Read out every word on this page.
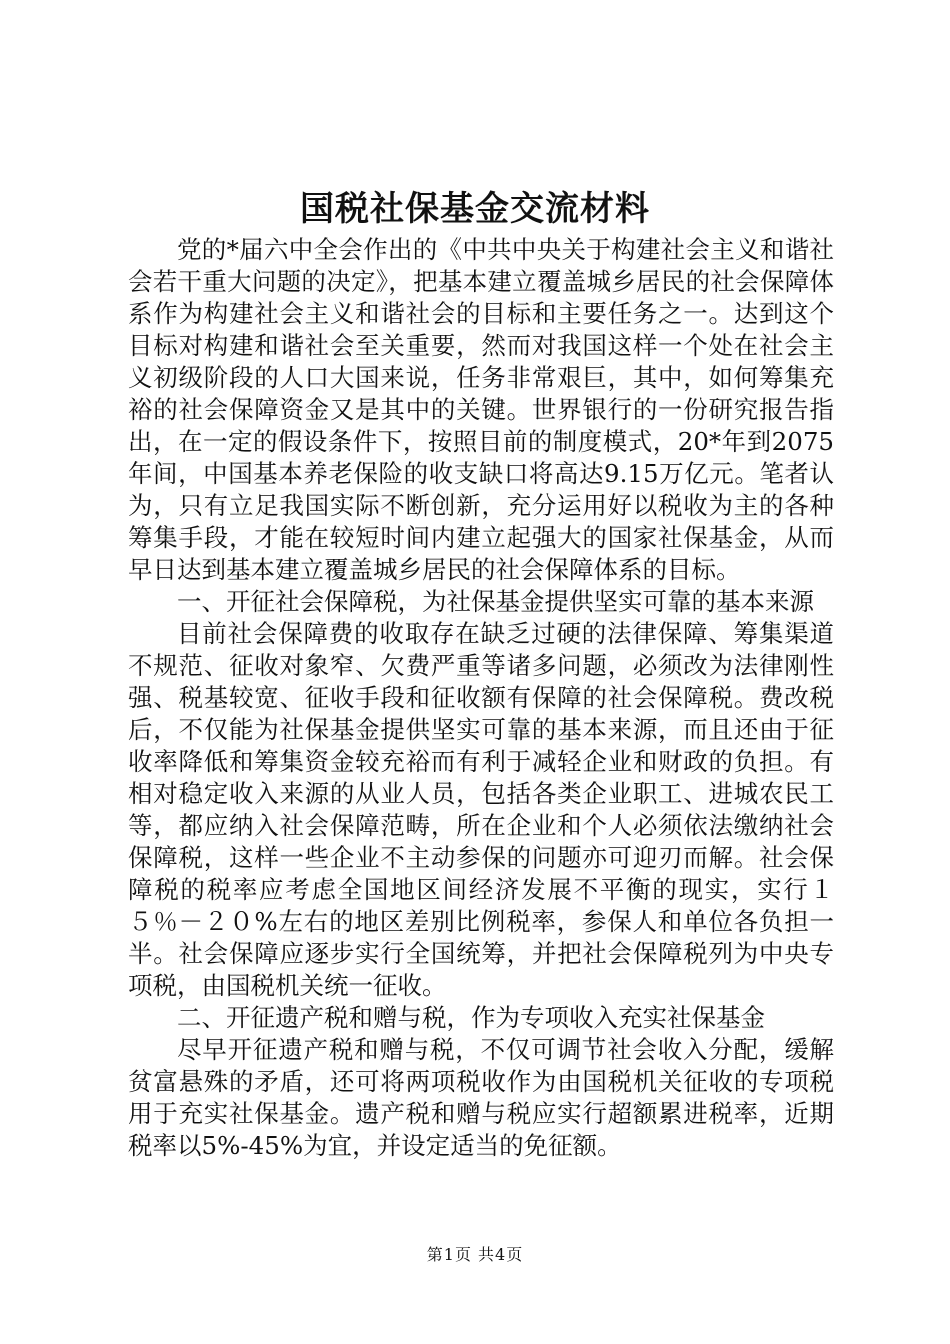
国税社保基金交流材料

党的*届六中全会作出的《中共中央关于构建社会主义和谐社会若干重大问题的决定》，把基本建立覆盖城乡居民的社会保障体系作为构建社会主义和谐社会的目标和主要任务之一。达到这个目标对构建和谐社会至关重要，然而对我国这样一个处在社会主义初级阶段的人口大国来说，任务非常艰巨，其中，如何筹集充裕的社会保障资金又是其中的关键。世界银行的一份研究报告指出，在一定的假设条件下，按照目前的制度模式，20*年到2075年间，中国基本养老保险的收支缺口将高达9.15万亿元。笔者认为，只有立足我国实际不断创新，充分运用好以税收为主的各种筹集手段，才能在较短时间内建立起强大的国家社保基金，从而早日达到基本建立覆盖城乡居民的社会保障体系的目标。

一、开征社会保障税，为社保基金提供坚实可靠的基本来源

目前社会保障费的收取存在缺乏过硬的法律保障、筹集渠道不规范、征收对象窄、欠费严重等诸多问题，必须改为法律刚性强、税基较宽、征收手段和征收额有保障的社会保障税。费改税后，不仅能为社保基金提供坚实可靠的基本来源，而且还由于征收率降低和筹集资金较充裕而有利于减轻企业和财政的负担。有相对稳定收入来源的从业人员，包括各类企业职工、进城农民工等，都应纳入社会保障范畴，所在企业和个人必须依法缴纳社会保障税，这样一些企业不主动参保的问题亦可迎刃而解。社会保障税的税率应考虑全国地区间经济发展不平衡的现实，实行１５％－２０%左右的地区差别比例税率，参保人和单位各负担一半。社会保障应逐步实行全国统筹，并把社会保障税列为中央专项税，由国税机关统一征收。

二、开征遗产税和赠与税，作为专项收入充实社保基金

尽早开征遗产税和赠与税，不仅可调节社会收入分配，缓解贫富悬殊的矛盾，还可将两项税收作为由国税机关征收的专项税用于充实社保基金。遗产税和赠与税应实行超额累进税率，近期税率以5%-45%为宜，并设定适当的免征额。

第1页 共4页
